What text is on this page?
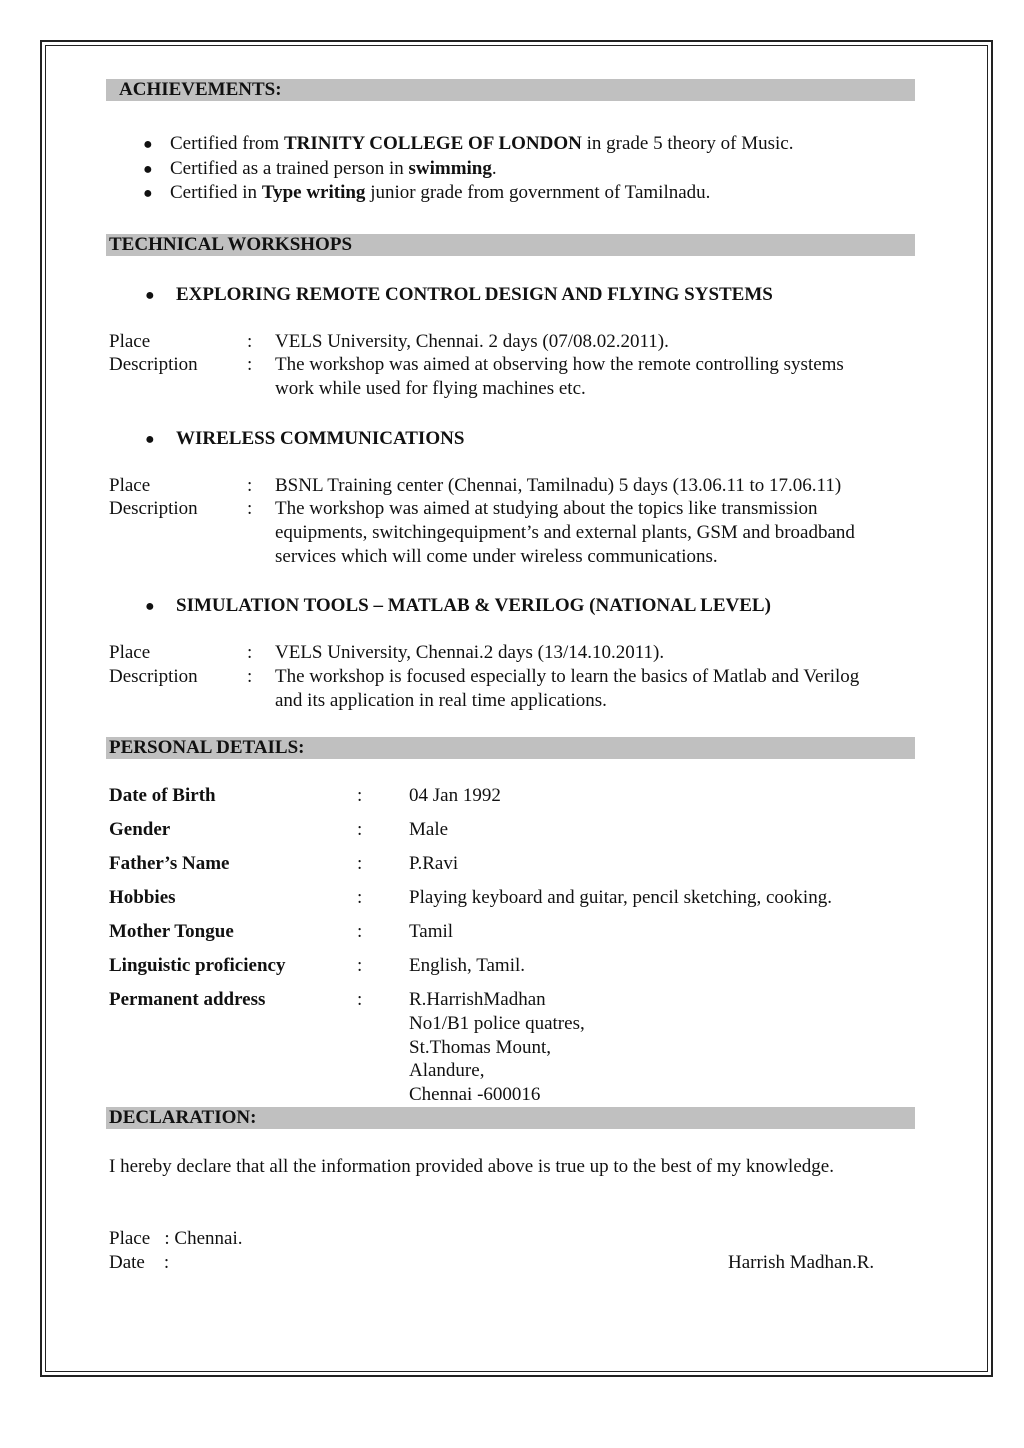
ACHIEVEMENTS:
● Certified from TRINITY COLLEGE OF LONDON in grade 5 theory of Music.
● Certified as a trained person in swimming.
● Certified in Type writing junior grade from government of Tamilnadu.
TECHNICAL WORKSHOPS
● EXPLORING REMOTE CONTROL DESIGN AND FLYING SYSTEMS
Place	: VELS University, Chennai. 2 days (07/08.02.2011).
Description	: The workshop was aimed at observing how the remote controlling systems
work while used for flying machines etc.
● WIRELESS COMMUNICATIONS
Place	: BSNL Training center (Chennai, Tamilnadu) 5 days (13.06.11 to 17.06.11)
Description	: The workshop was aimed at studying about the topics like transmission
equipments, switchingequipment’s and external plants, GSM and broadband
services which will come under wireless communications.
● SIMULATION TOOLS – MATLAB & VERILOG (NATIONAL LEVEL)
Place	: VELS University, Chennai.2 days (13/14.10.2011).
Description	: The workshop is focused especially to learn the basics of Matlab and Verilog
and its application in real time applications.
PERSONAL DETAILS:
Date of Birth	: 04 Jan 1992
Gender	: Male
Father’s Name	: P.Ravi
Hobbies	: Playing keyboard and guitar, pencil sketching, cooking.
Mother Tongue	: Tamil
Linguistic proficiency	: English, Tamil.
Permanent address	: R.HarrishMadhan
No1/B1 police quatres,
St.Thomas Mount,
Alandure,
Chennai -600016
DECLARATION:
I hereby declare that all the information provided above is true up to the best of my knowledge.
Place   : Chennai.
Date    :	Harrish Madhan.R.
